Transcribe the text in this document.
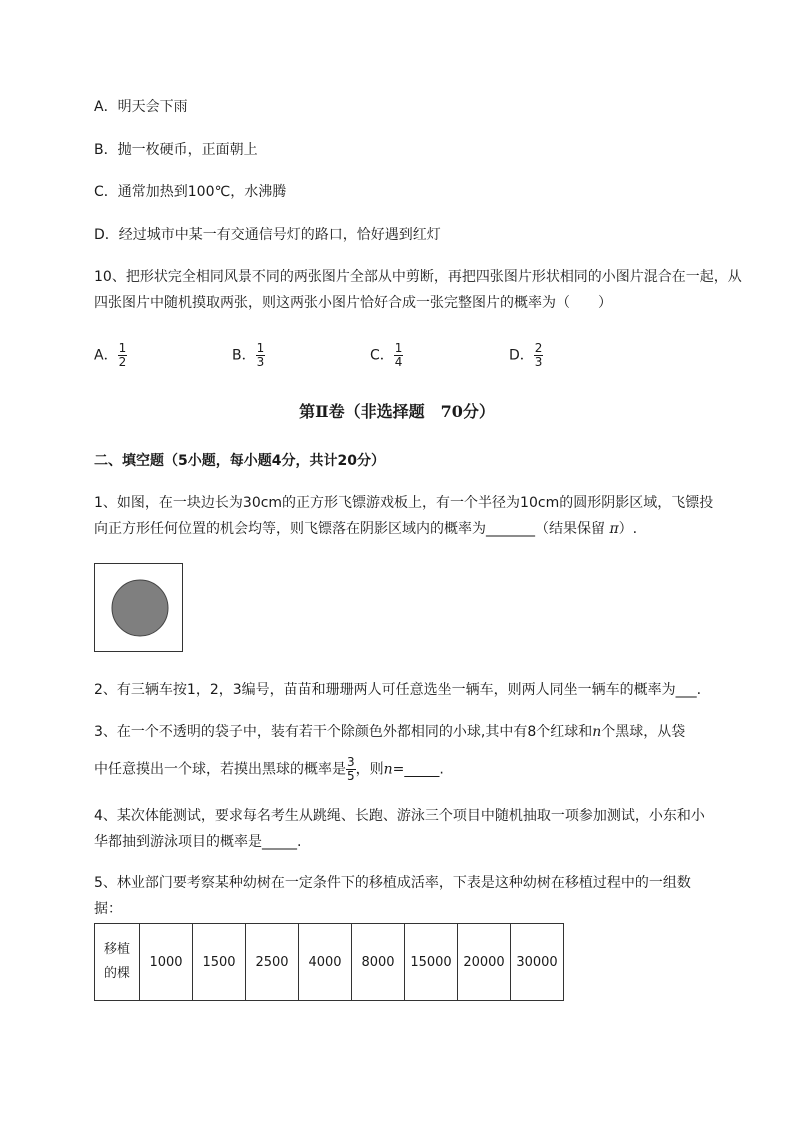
A．明天会下雨
B．抛一枚硬币，正面朝上
C．通常加热到100℃，水沸腾
D．经过城市中某一有交通信号灯的路口，恰好遇到红灯
10、把形状完全相同风景不同的两张图片全部从中剪断，再把四张图片形状相同的小图片混合在一起，从
四张图片中随机摸取两张，则这两张小图片恰好合成一张完整图片的概率为（　　）
A． $\frac{1}{2}$	B． $\frac{1}{3}$	C． $\frac{1}{4}$	D． $\frac{2}{3}$
第Ⅱ卷（非选择题　70分）
二、填空题（5小题，每小题4分，共计20分）
1、如图，在一块边长为30cm的正方形飞镖游戏板上，有一个半径为10cm的圆形阴影区域，飞镖投
向正方形任何位置的机会均等，则飞镖落在阴影区域内的概率为_______（结果保留 π）.
2、有三辆车按1，2，3编号，苗苗和珊珊两人可任意选坐一辆车，则两人同坐一辆车的概率为___.
3、在一个不透明的袋子中，装有若干个除颜色外都相同的小球,其中有8个红球和n个黑球，从袋
中任意摸出一个球，若摸出黑球的概率是 $\frac{3}{5}$ ，则n=_____.
4、某次体能测试，要求每名考生从跳绳、长跑、游泳三个项目中随机抽取一项参加测试，小东和小
华都抽到游泳项目的概率是_____.
5、林业部门要考察某种幼树在一定条件下的移植成活率，下表是这种幼树在移植过程中的一组数
据：
移植
的棵	1000	1500	2500	4000	8000	15000	20000	30000
